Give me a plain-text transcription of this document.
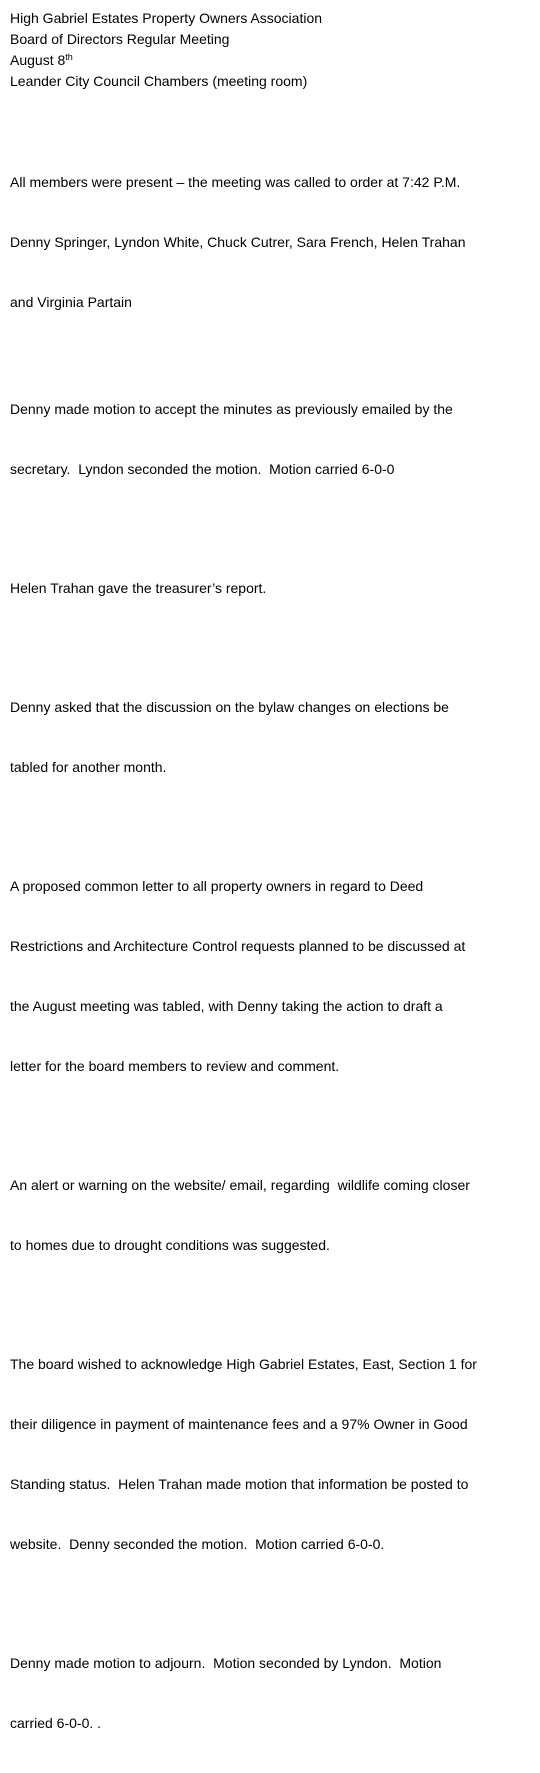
High Gabriel Estates Property Owners Association

Board of Directors Regular Meeting

August 8th

Leander City Council Chambers (meeting room)

All members were present – the meeting was called to order at 7:42 P.M.

Denny Springer, Lyndon White, Chuck Cutrer, Sara French, Helen Trahan

and Virginia Partain

Denny made motion to accept the minutes as previously emailed by the

secretary.  Lyndon seconded the motion.  Motion carried 6-0-0

Helen Trahan gave the treasurer’s report.

Denny asked that the discussion on the bylaw changes on elections be

tabled for another month.

A proposed common letter to all property owners in regard to Deed

Restrictions and Architecture Control requests planned to be discussed at

the August meeting was tabled, with Denny taking the action to draft a

letter for the board members to review and comment.

An alert or warning on the website/ email, regarding  wildlife coming closer

to homes due to drought conditions was suggested.

The board wished to acknowledge High Gabriel Estates, East, Section 1 for

their diligence in payment of maintenance fees and a 97% Owner in Good

Standing status.  Helen Trahan made motion that information be posted to

website.  Denny seconded the motion.  Motion carried 6-0-0.

Denny made motion to adjourn.  Motion seconded by Lyndon.  Motion

carried 6-0-0. .
